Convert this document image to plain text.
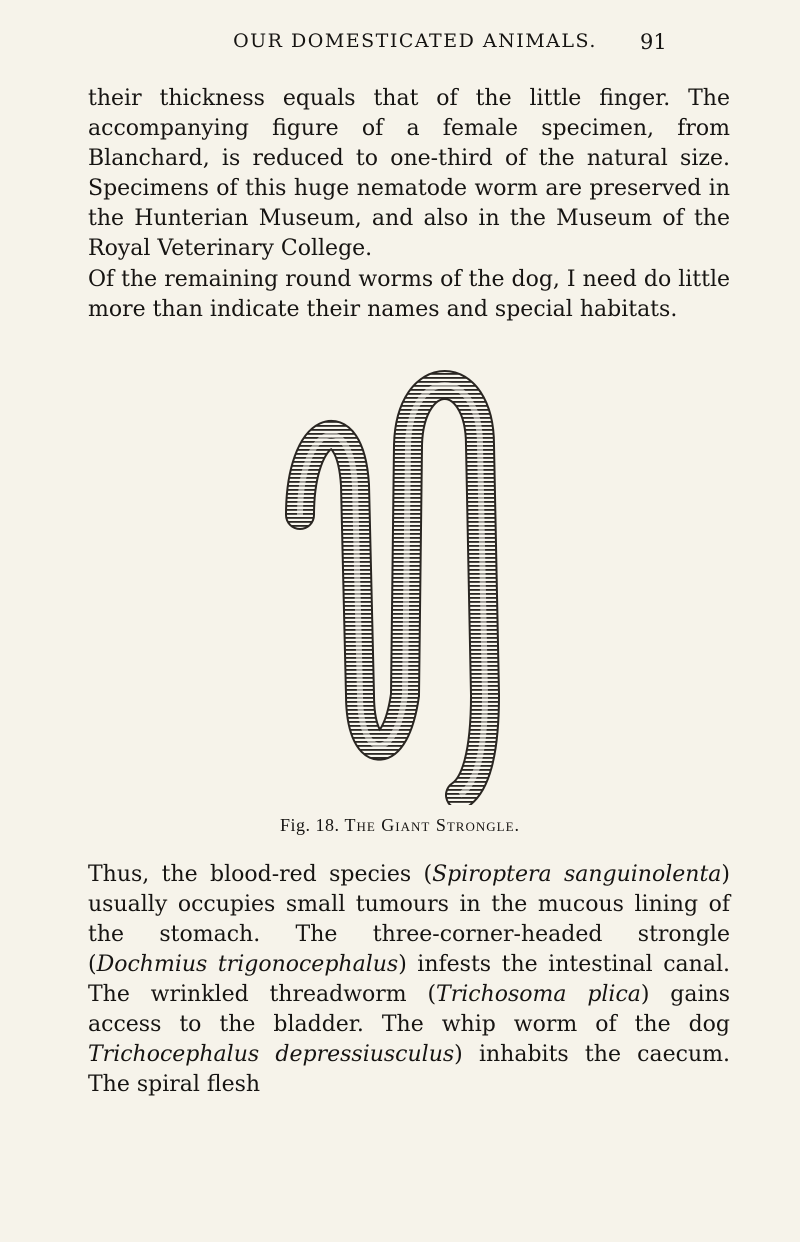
OUR DOMESTICATED ANIMALS.	91

their thickness equals that of the little finger. The accompanying figure of a female specimen, from Blanchard, is reduced to one-third of the natural size. Specimens of this huge nematode worm are preserved in the Hunterian Museum, and also in the Museum of the Royal Veterinary College.

Of the remaining round worms of the dog, I need do little more than indicate their names and special habitats.

Fig. 18. The Giant Strongle.

Thus, the blood-red species (Spiroptera sanguinolenta) usually occupies small tumours in the mucous lining of the stomach. The three-corner-headed strongle (Dochmius trigonocephalus) infests the intestinal canal. The wrinkled threadworm (Trichosoma plica) gains access to the bladder. The whip worm of the dog Trichocephalus depressiusculus) inhabits the caecum. The spiral flesh
